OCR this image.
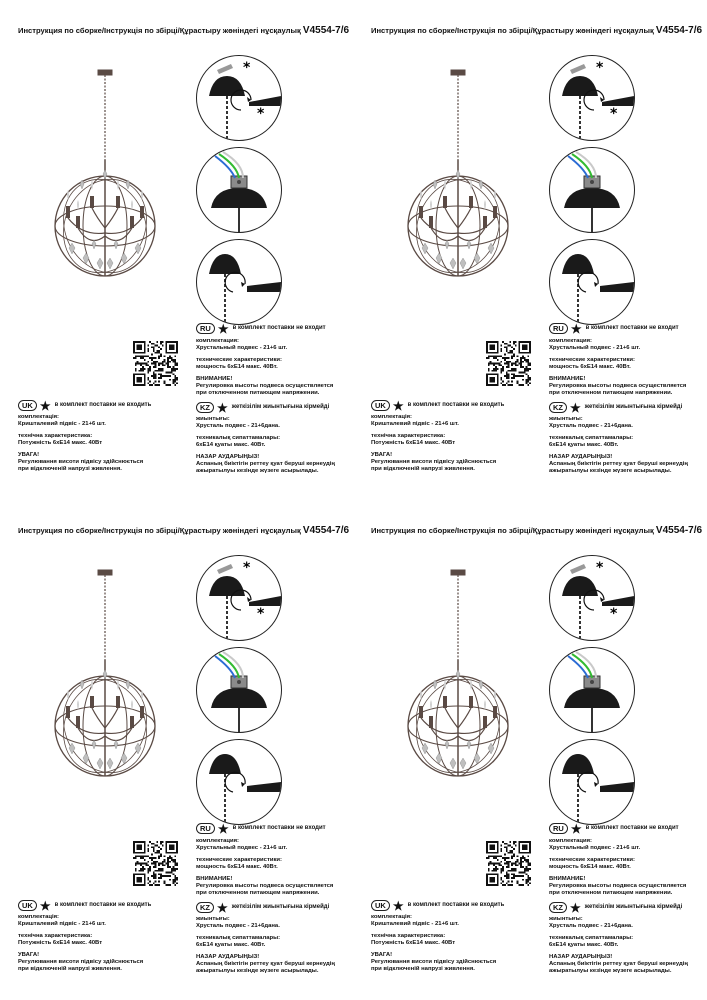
Инструкция по сборке/Інструкція по збірці/Құрастыру жөніндегі нұсқаулық V4554-7/6
*
*
RU ★ в комплект поставки не входит

комплектация:

Хрустальный подвес - 21+6 шт.

технические характеристики:

мощность 6хE14 макс. 40Вт.

ВНИМАНИЕ!

Регулировка высоты подвеса осуществляется

при отключенном питающем напряжении.

KZ ★ жеткізілім жиынтығына кірмейді

жиынтығы:

Хрусталь подвес - 21+6дана.

техникалық сипаттамалары:

6хE14 қуаты макс. 40Вт.

НАЗАР АУДАРЫҢЫЗ!

Аспаның биіктігін реттеу қуат беруші кернеудің

ажыратылуы кезінде жүзеге асырылады.

UK ★ в комплект поставки не входить

комплектація:

Кришталевий підвіс - 21+6 шт.

технічна характеристика:

Потужність 6хE14 макс. 40Вт

УВАГА!

Регулювання висоти підвісу здійснюється

при відключеній напрузі живлення.

Инструкция по сборке/Інструкція по збірці/Құрастыру жөніндегі нұсқаулық V4554-7/6
*
*
RU ★ в комплект поставки не входит

комплектация:

Хрустальный подвес - 21+6 шт.

технические характеристики:

мощность 6хE14 макс. 40Вт.

ВНИМАНИЕ!

Регулировка высоты подвеса осуществляется

при отключенном питающем напряжении.

KZ ★ жеткізілім жиынтығына кірмейді

жиынтығы:

Хрусталь подвес - 21+6дана.

техникалық сипаттамалары:

6хE14 қуаты макс. 40Вт.

НАЗАР АУДАРЫҢЫЗ!

Аспаның биіктігін реттеу қуат беруші кернеудің

ажыратылуы кезінде жүзеге асырылады.

UK ★ в комплект поставки не входить

комплектація:

Кришталевий підвіс - 21+6 шт.

технічна характеристика:

Потужність 6хE14 макс. 40Вт

УВАГА!

Регулювання висоти підвісу здійснюється

при відключеній напрузі живлення.

Инструкция по сборке/Інструкція по збірці/Құрастыру жөніндегі нұсқаулық V4554-7/6
*
*
RU ★ в комплект поставки не входит

комплектация:

Хрустальный подвес - 21+6 шт.

технические характеристики:

мощность 6хE14 макс. 40Вт.

ВНИМАНИЕ!

Регулировка высоты подвеса осуществляется

при отключенном питающем напряжении.

KZ ★ жеткізілім жиынтығына кірмейді

жиынтығы:

Хрусталь подвес - 21+6дана.

техникалық сипаттамалары:

6хE14 қуаты макс. 40Вт.

НАЗАР АУДАРЫҢЫЗ!

Аспаның биіктігін реттеу қуат беруші кернеудің

ажыратылуы кезінде жүзеге асырылады.

UK ★ в комплект поставки не входить

комплектація:

Кришталевий підвіс - 21+6 шт.

технічна характеристика:

Потужність 6хE14 макс. 40Вт

УВАГА!

Регулювання висоти підвісу здійснюється

при відключеній напрузі живлення.

Инструкция по сборке/Інструкція по збірці/Құрастыру жөніндегі нұсқаулық V4554-7/6
*
*
RU ★ в комплект поставки не входит

комплектация:

Хрустальный подвес - 21+6 шт.

технические характеристики:

мощность 6хE14 макс. 40Вт.

ВНИМАНИЕ!

Регулировка высоты подвеса осуществляется

при отключенном питающем напряжении.

KZ ★ жеткізілім жиынтығына кірмейді

жиынтығы:

Хрусталь подвес - 21+6дана.

техникалық сипаттамалары:

6хE14 қуаты макс. 40Вт.

НАЗАР АУДАРЫҢЫЗ!

Аспаның биіктігін реттеу қуат беруші кернеудің

ажыратылуы кезінде жүзеге асырылады.

UK ★ в комплект поставки не входить

комплектація:

Кришталевий підвіс - 21+6 шт.

технічна характеристика:

Потужність 6хE14 макс. 40Вт

УВАГА!

Регулювання висоти підвісу здійснюється

при відключеній напрузі живлення.
